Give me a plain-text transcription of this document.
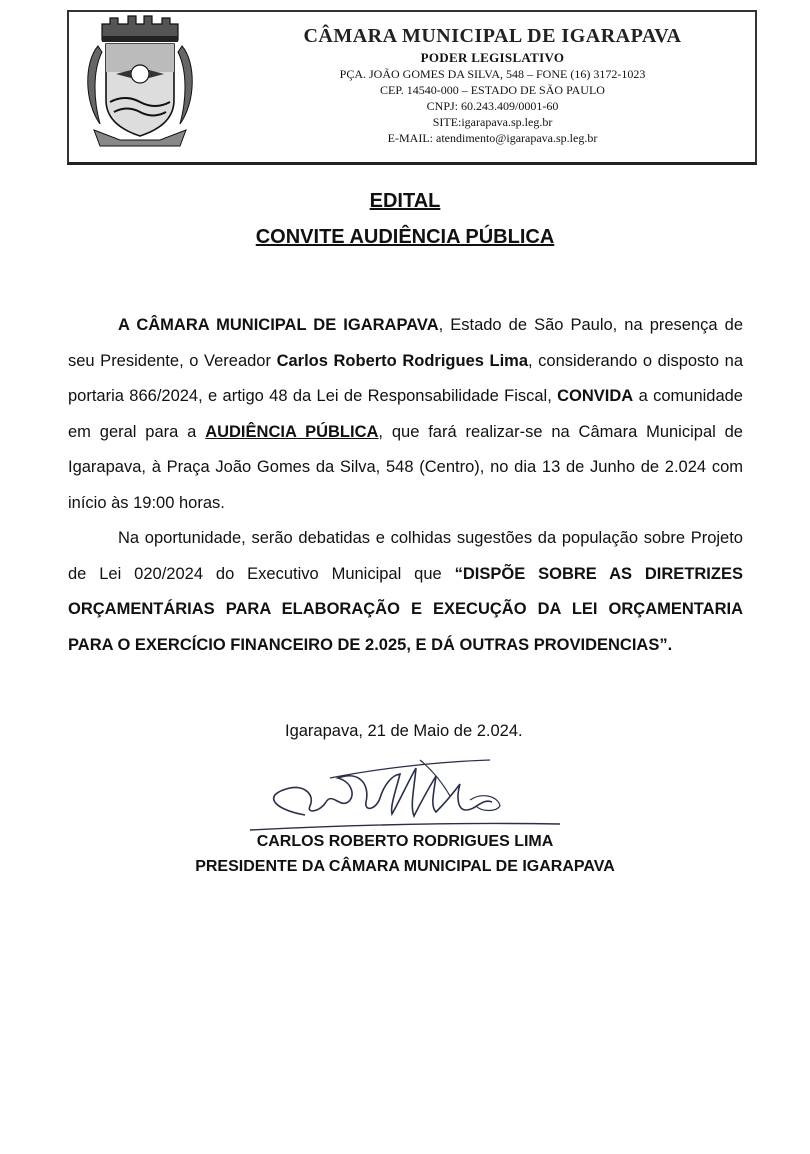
CÂMARA MUNICIPAL DE IGARAPAVA
PODER LEGISLATIVO
PÇA. JOÃO GOMES DA SILVA, 548 – FONE (16) 3172-1023
CEP. 14540-000 – ESTADO DE SÃO PAULO
CNPJ: 60.243.409/0001-60
SITE:igarapava.sp.leg.br
E-MAIL: atendimento@igarapava.sp.leg.br
EDITAL
CONVITE AUDIÊNCIA PÚBLICA
A CÂMARA MUNICIPAL DE IGARAPAVA, Estado de São Paulo, na presença de seu Presidente, o Vereador Carlos Roberto Rodrigues Lima, considerando o disposto na portaria 866/2024, e artigo 48 da Lei de Responsabilidade Fiscal, CONVIDA a comunidade em geral para a AUDIÊNCIA PÚBLICA, que fará realizar-se na Câmara Municipal de Igarapava, à Praça João Gomes da Silva, 548 (Centro), no dia 13 de Junho de 2.024 com início às 19:00 horas.
Na oportunidade, serão debatidas e colhidas sugestões da população sobre Projeto de Lei 020/2024 do Executivo Municipal que “DISPÕE SOBRE AS DIRETRIZES ORÇAMENTÁRIAS PARA ELABORAÇÃO E EXECUÇÃO DA LEI ORÇAMENTARIA PARA O EXERCÍCIO FINANCEIRO DE 2.025, E DÁ OUTRAS PROVIDENCIAS”.
Igarapava, 21 de Maio de 2.024.
CARLOS ROBERTO RODRIGUES LIMA
PRESIDENTE DA CÂMARA MUNICIPAL DE IGARAPAVA
